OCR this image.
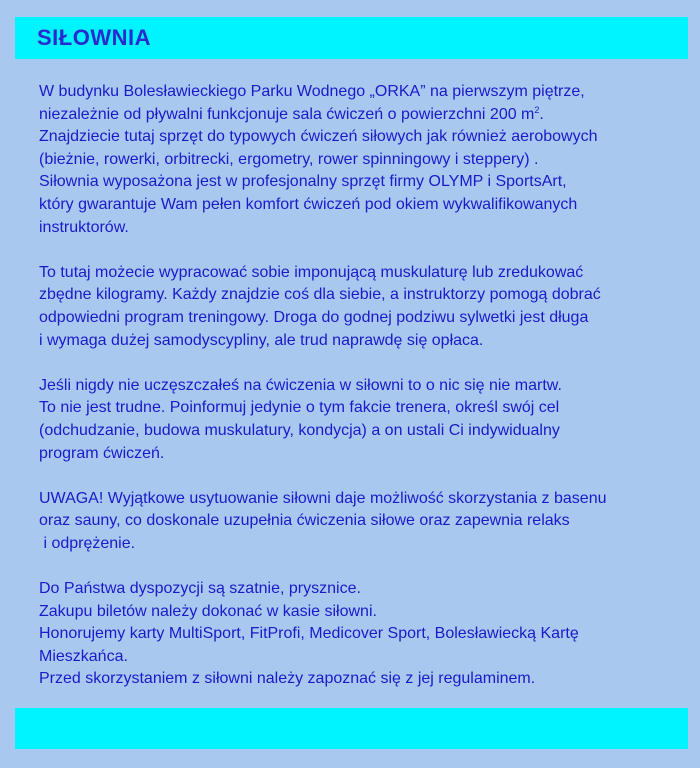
SIŁOWNIA

W budynku Bolesławieckiego Parku Wodnego „ORKA” na pierwszym piętrze,
niezależnie od pływalni funkcjonuje sala ćwiczeń o powierzchni 200 $m^2$.
Znajdziecie tutaj sprzęt do typowych ćwiczeń siłowych jak również aerobowych
(bieżnie, rowerki, orbitrecki, ergometry, rower spinningowy i steppery) .
Siłownia wyposażona jest w profesjonalny sprzęt firmy OLYMP i SportsArt,
który gwarantuje Wam pełen komfort ćwiczeń pod okiem wykwalifikowanych
instruktorów.

To tutaj możecie wypracować sobie imponującą muskulaturę lub zredukować
zbędne kilogramy. Każdy znajdzie coś dla siebie, a instruktorzy pomogą dobrać
odpowiedni program treningowy. Droga do godnej podziwu sylwetki jest długa
i wymaga dużej samodyscypliny, ale trud naprawdę się opłaca.

Jeśli nigdy nie uczęszczałeś na ćwiczenia w siłowni to o nic się nie martw.
To nie jest trudne. Poinformuj jedynie o tym fakcie trenera, określ swój cel
(odchudzanie, budowa muskulatury, kondycja) a on ustali Ci indywidualny
program ćwiczeń.

UWAGA! Wyjątkowe usytuowanie siłowni daje możliwość skorzystania z basenu
oraz sauny, co doskonale uzupełnia ćwiczenia siłowe oraz zapewnia relaks
i odprężenie.

Do Państwa dyspozycji są szatnie, prysznice.
Zakupu biletów należy dokonać w kasie siłowni.
Honorujemy karty MultiSport, FitProfi, Medicover Sport, Bolesławiecką Kartę
Mieszkańca.
Przed skorzystaniem z siłowni należy zapoznać się z jej regulaminem.
